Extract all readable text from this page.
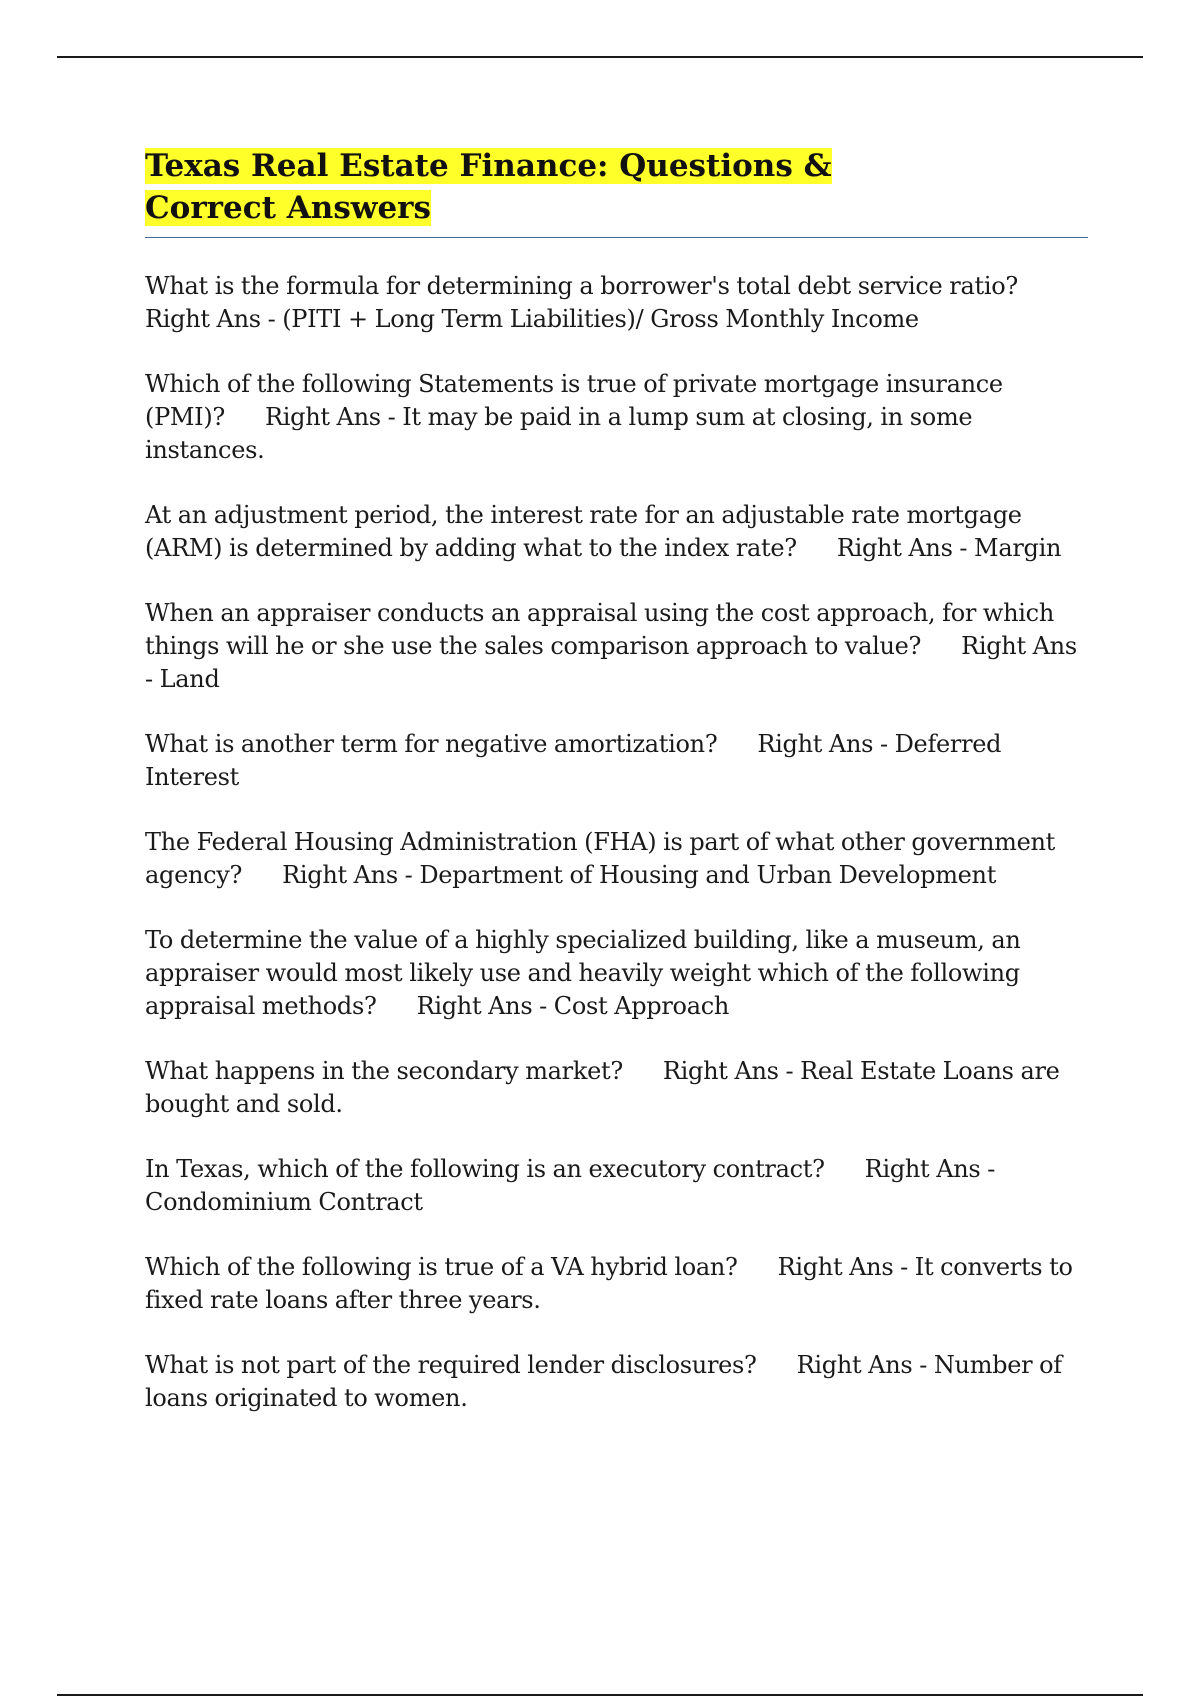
Texas Real Estate Finance: Questions & Correct Answers

What is the formula for determining a borrower's total debt service ratio? Right Ans - (PITI + Long Term Liabilities)/ Gross Monthly Income

Which of the following Statements is true of private mortgage insurance (PMI)? Right Ans - It may be paid in a lump sum at closing, in some instances.

At an adjustment period, the interest rate for an adjustable rate mortgage (ARM) is determined by adding what to the index rate? Right Ans - Margin

When an appraiser conducts an appraisal using the cost approach, for which things will he or she use the sales comparison approach to value? Right Ans - Land

What is another term for negative amortization? Right Ans - Deferred Interest

The Federal Housing Administration (FHA) is part of what other government agency? Right Ans - Department of Housing and Urban Development

To determine the value of a highly specialized building, like a museum, an appraiser would most likely use and heavily weight which of the following appraisal methods? Right Ans - Cost Approach

What happens in the secondary market? Right Ans - Real Estate Loans are bought and sold.

In Texas, which of the following is an executory contract? Right Ans - Condominium Contract

Which of the following is true of a VA hybrid loan? Right Ans - It converts to fixed rate loans after three years.

What is not part of the required lender disclosures? Right Ans - Number of loans originated to women.
